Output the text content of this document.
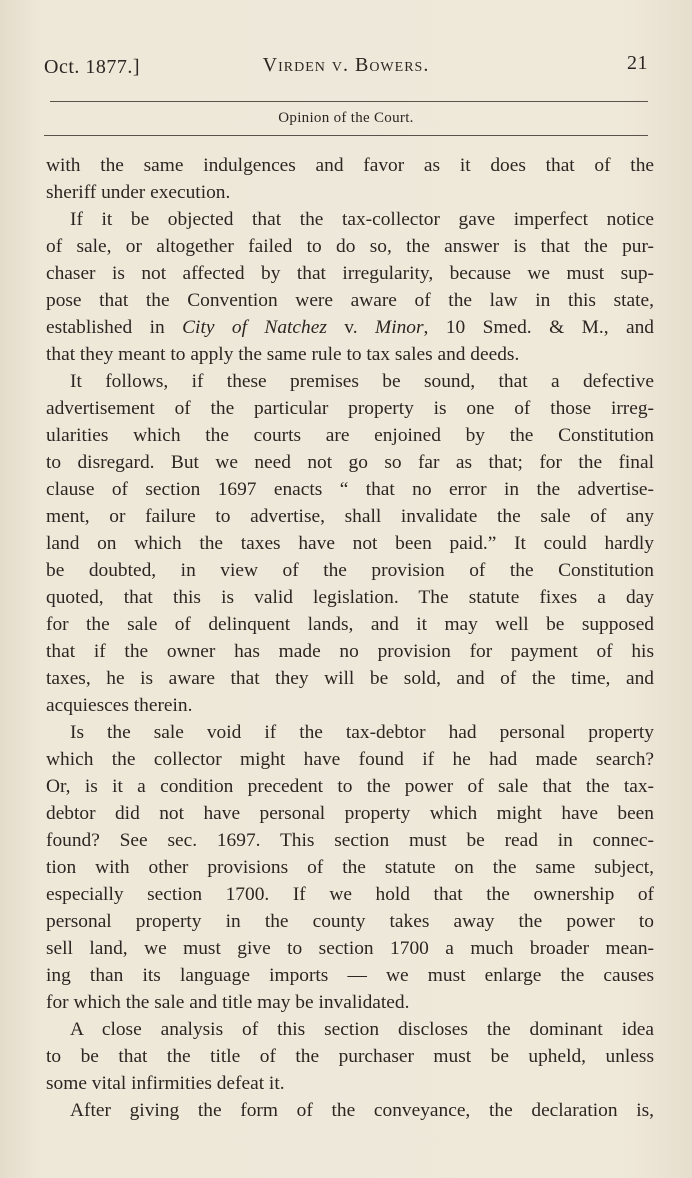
Oct. 1877.]	Virden v. Bowers.	21
Opinion of the Court.
with the same indulgences and favor as it does that of the
sheriff under execution.
If it be objected that the tax-collector gave imperfect notice
of sale, or altogether failed to do so, the answer is that the pur-
chaser is not affected by that irregularity, because we must sup-
pose that the Convention were aware of the law in this state,
established in City of Natchez v. Minor, 10 Smed. & M., and
that they meant to apply the same rule to tax sales and deeds.
It follows, if these premises be sound, that a defective
advertisement of the particular property is one of those irreg-
ularities which the courts are enjoined by the Constitution
to disregard. But we need not go so far as that; for the final
clause of section 1697 enacts “ that no error in the advertise-
ment, or failure to advertise, shall invalidate the sale of any
land on which the taxes have not been paid.” It could hardly
be doubted, in view of the provision of the Constitution
quoted, that this is valid legislation. The statute fixes a day
for the sale of delinquent lands, and it may well be supposed
that if the owner has made no provision for payment of his
taxes, he is aware that they will be sold, and of the time, and
acquiesces therein.
Is the sale void if the tax-debtor had personal property
which the collector might have found if he had made search?
Or, is it a condition precedent to the power of sale that the tax-
debtor did not have personal property which might have been
found? See sec. 1697. This section must be read in connec-
tion with other provisions of the statute on the same subject,
especially section 1700. If we hold that the ownership of
personal property in the county takes away the power to
sell land, we must give to section 1700 a much broader mean-
ing than its language imports — we must enlarge the causes
for which the sale and title may be invalidated.
A close analysis of this section discloses the dominant idea
to be that the title of the purchaser must be upheld, unless
some vital infirmities defeat it.
After giving the form of the conveyance, the declaration is,
